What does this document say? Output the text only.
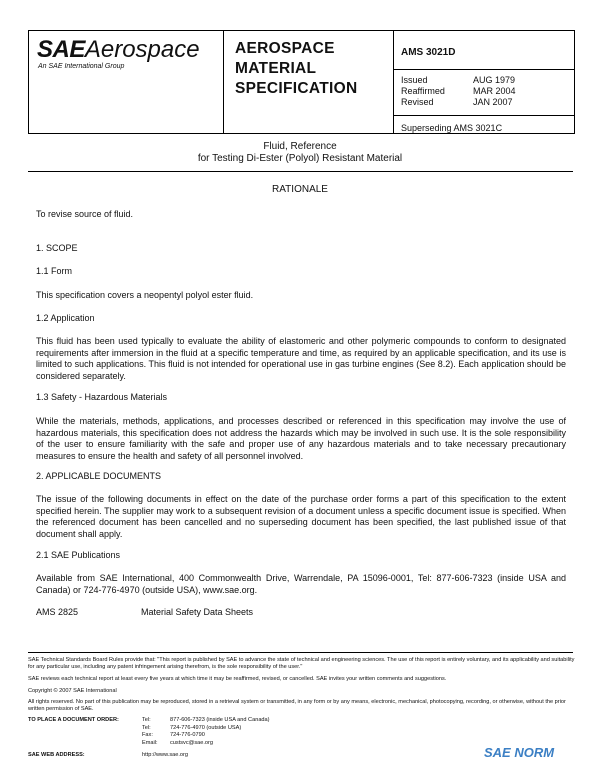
SAEAerospace
An SAE International Group
AEROSPACE
MATERIAL
SPECIFICATION
AMS 3021D
Issued	AUG 1979
Reaffirmed	MAR 2004
Revised	JAN 2007
Superseding AMS 3021C
Fluid, Reference
for Testing Di-Ester (Polyol) Resistant Material
RATIONALE
To revise source of fluid.
1. SCOPE
1.1 Form
This specification covers a neopentyl polyol ester fluid.
1.2 Application
This fluid has been used typically to evaluate the ability of elastomeric and other polymeric compounds to conform to designated requirements after immersion in the fluid at a specific temperature and time, as required by an applicable specification, and its use is limited to such applications. This fluid is not intended for operational use in gas turbine engines (See 8.2). Each application should be considered separately.
1.3 Safety - Hazardous Materials
While the materials, methods, applications, and processes described or referenced in this specification may involve the use of hazardous materials, this specification does not address the hazards which may be involved in such use. It is the sole responsibility of the user to ensure familiarity with the safe and proper use of any hazardous materials and to take necessary precautionary measures to ensure the health and safety of all personnel involved.
2. APPLICABLE DOCUMENTS
The issue of the following documents in effect on the date of the purchase order forms a part of this specification to the extent specified herein. The supplier may work to a subsequent revision of a document unless a specific document issue is specified. When the referenced document has been cancelled and no superseding document has been specified, the last published issue of that document shall apply.
2.1 SAE Publications
Available from SAE International, 400 Commonwealth Drive, Warrendale, PA 15096-0001, Tel: 877-606-7323 (inside USA and Canada) or 724-776-4970 (outside USA), www.sae.org.
AMS 2825	Material Safety Data Sheets
SAE Technical Standards Board Rules provide that: "This report is published by SAE to advance the state of technical and engineering sciences. The use of this report is entirely voluntary, and its applicability and suitability for any particular use, including any patent infringement arising therefrom, is the sole responsibility of the user."
SAE reviews each technical report at least every five years at which time it may be reaffirmed, revised, or cancelled. SAE invites your written comments and suggestions.
Copyright © 2007 SAE International
All rights reserved. No part of this publication may be reproduced, stored in a retrieval system or transmitted, in any form or by any means, electronic, mechanical, photocopying, recording, or otherwise, without the prior written permission of SAE.
TO PLACE A DOCUMENT ORDER:	Tel:	877-606-7323 (inside USA and Canada)
Tel:	724-776-4970 (outside USA)
Fax:	724-776-0790
Email: custsvc@sae.org
SAE WEB ADDRESS:	http://www.sae.org	SAE NORM
